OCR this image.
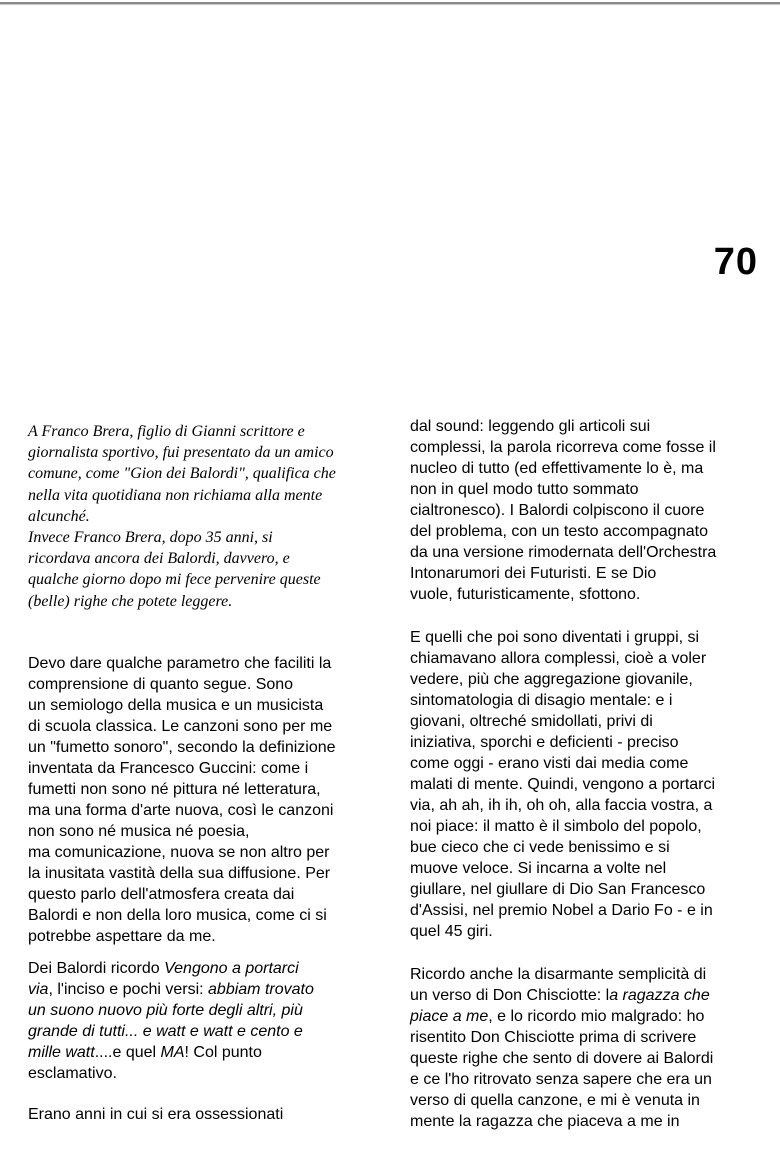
70
A Franco Brera, figlio di Gianni scrittore e
giornalista sportivo, fui presentato da un amico
comune, come "Gion dei Balordi", qualifica che
nella vita quotidiana non richiama alla mente
alcunché.
Invece Franco Brera, dopo 35 anni, si
ricordava ancora dei Balordi, davvero, e
qualche giorno dopo mi fece pervenire queste
(belle) righe che potete leggere.
Devo dare qualche parametro che faciliti la
comprensione di quanto segue. Sono
un semiologo della musica e un musicista
di scuola classica. Le canzoni sono per me
un "fumetto sonoro", secondo la definizione
inventata da Francesco Guccini: come i
fumetti non sono né pittura né letteratura,
ma una forma d'arte nuova, così le canzoni
non sono né musica né poesia,
ma comunicazione, nuova se non altro per
la inusitata vastità della sua diffusione. Per
questo parlo dell'atmosfera creata dai
Balordi e non della loro musica, come ci si
potrebbe aspettare da me.
Dei Balordi ricordo Vengono a portarci
via, l'inciso e pochi versi: abbiam trovato
un suono nuovo più forte degli altri, più
grande di tutti... e watt e watt e cento e
mille watt....e quel MA! Col punto
esclamativo.
Erano anni in cui si era ossessionati
dal sound: leggendo gli articoli sui
complessi, la parola ricorreva come fosse il
nucleo di tutto (ed effettivamente lo è, ma
non in quel modo tutto sommato
cialtronesco). I Balordi colpiscono il cuore
del problema, con un testo accompagnato
da una versione rimodernata dell'Orchestra
Intonarumori dei Futuristi. E se Dio
vuole, futuristicamente, sfottono.
E quelli che poi sono diventati i gruppi, si
chiamavano allora complessi, cioè a voler
vedere, più che aggregazione giovanile,
sintomatologia di disagio mentale: e i
giovani, oltreché smidollati, privi di
iniziativa, sporchi e deficienti - preciso
come oggi - erano visti dai media come
malati di mente. Quindi, vengono a portarci
via, ah ah, ih ih, oh oh, alla faccia vostra, a
noi piace: il matto è il simbolo del popolo,
bue cieco che ci vede benissimo e si
muove veloce. Si incarna a volte nel
giullare, nel giullare di Dio San Francesco
d'Assisi, nel premio Nobel a Dario Fo - e in
quel 45 giri.
Ricordo anche la disarmante semplicità di
un verso di Don Chisciotte: la ragazza che
piace a me, e lo ricordo mio malgrado: ho
risentito Don Chisciotte prima di scrivere
queste righe che sento di dovere ai Balordi
e ce l'ho ritrovato senza sapere che era un
verso di quella canzone, e mi è venuta in
mente la ragazza che piaceva a me in
